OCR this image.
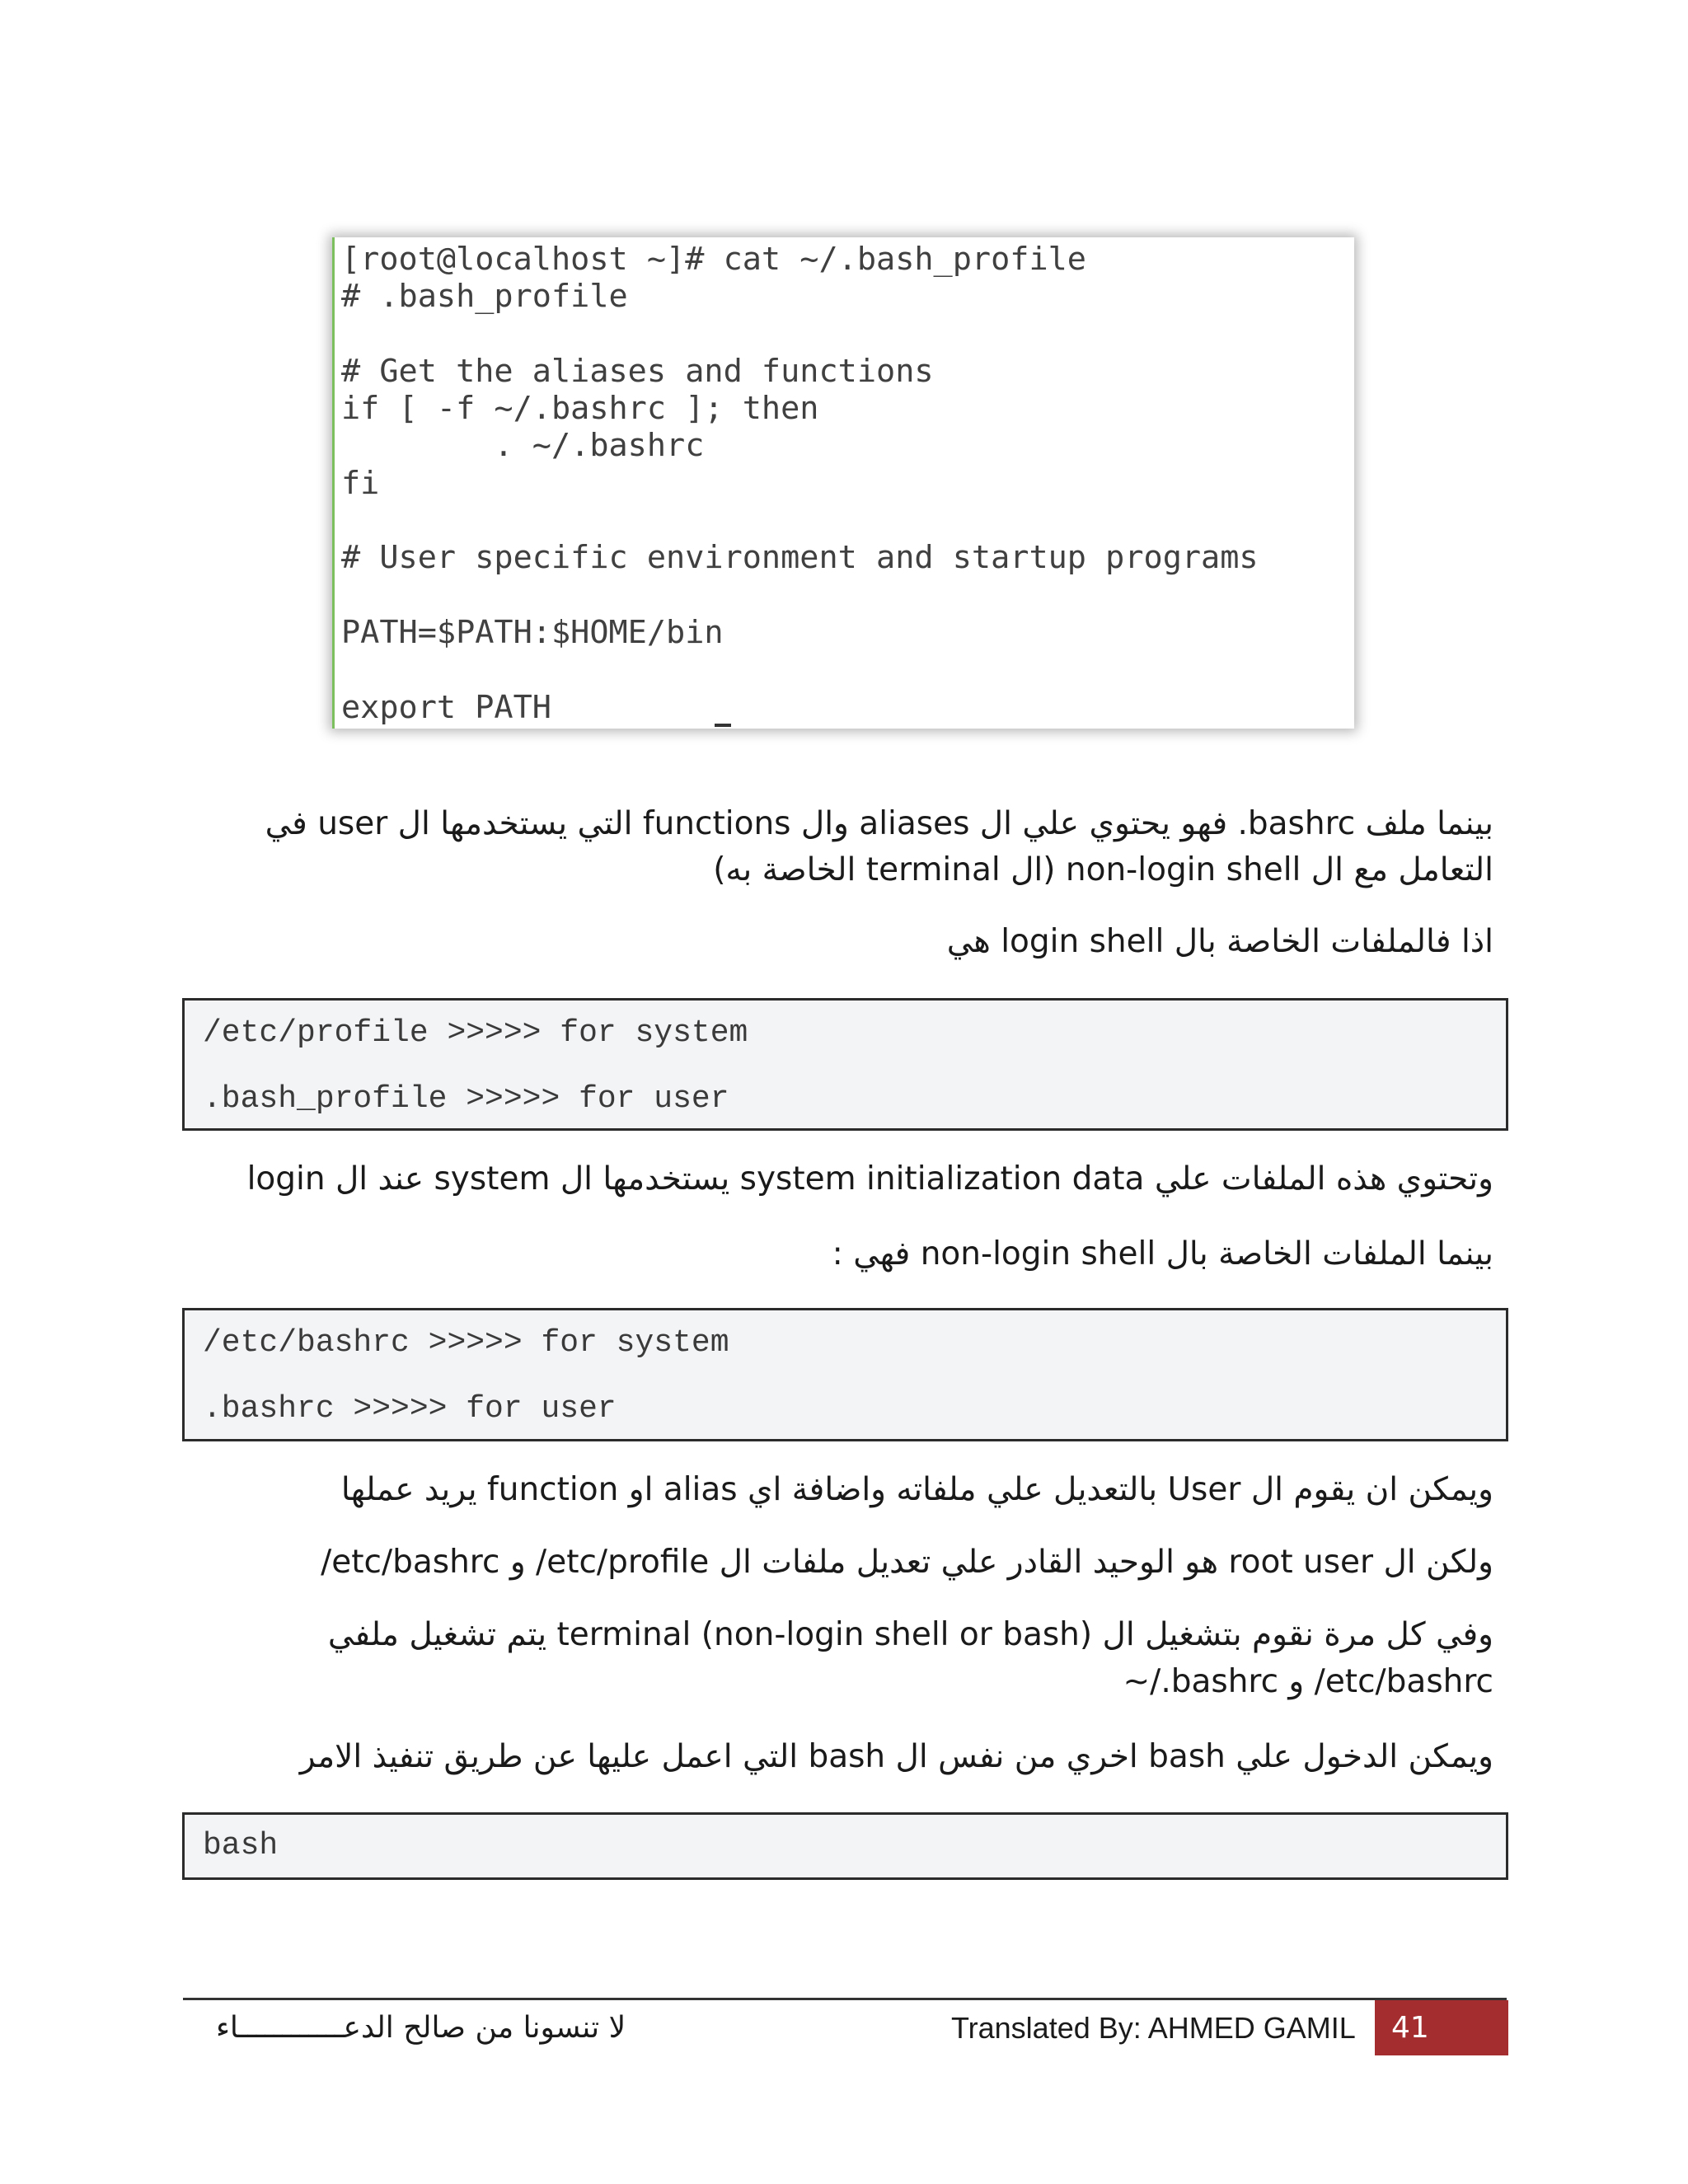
[root@localhost ~]# cat ~/.bash_profile
# .bash_profile

# Get the aliases and functions
if [ -f ~/.bashrc ]; then
. ~/.bashrc
fi

# User specific environment and startup programs

PATH=$PATH:$HOME/bin

export PATH
بينما ملف bashrc. فهو يحتوي علي ال aliases وال functions التي يستخدمها ال user في
التعامل مع ال non-login shell (ال terminal الخاصة به)
اذا فالملفات الخاصة بال login shell هي
/etc/profile >>>>> for system
.bash_profile >>>>> for user
وتحتوي هذه الملفات علي system initialization data يستخدمها ال system عند ال login
بينما الملفات الخاصة بال non-login shell فهي :
/etc/bashrc >>>>> for system
.bashrc >>>>> for user
ويمكن ان يقوم ال User بالتعديل علي ملفاته واضافة اي alias او function يريد عملها
ولكن ال root user هو الوحيد القادر علي تعديل ملفات ال etc/profile/ و etc/bashrc/
وفي كل مرة نقوم بتشغيل ال (non-login shell or bash) terminal يتم تشغيل ملفي
etc/bashrc/ و bashrc./~
ويمكن الدخول علي bash اخري من نفس ال bash التي اعمل عليها عن طريق تنفيذ الامر
bash
لا تنسونا من صالح الدعــــــــــــاء	Translated By: AHMED GAMIL	41
